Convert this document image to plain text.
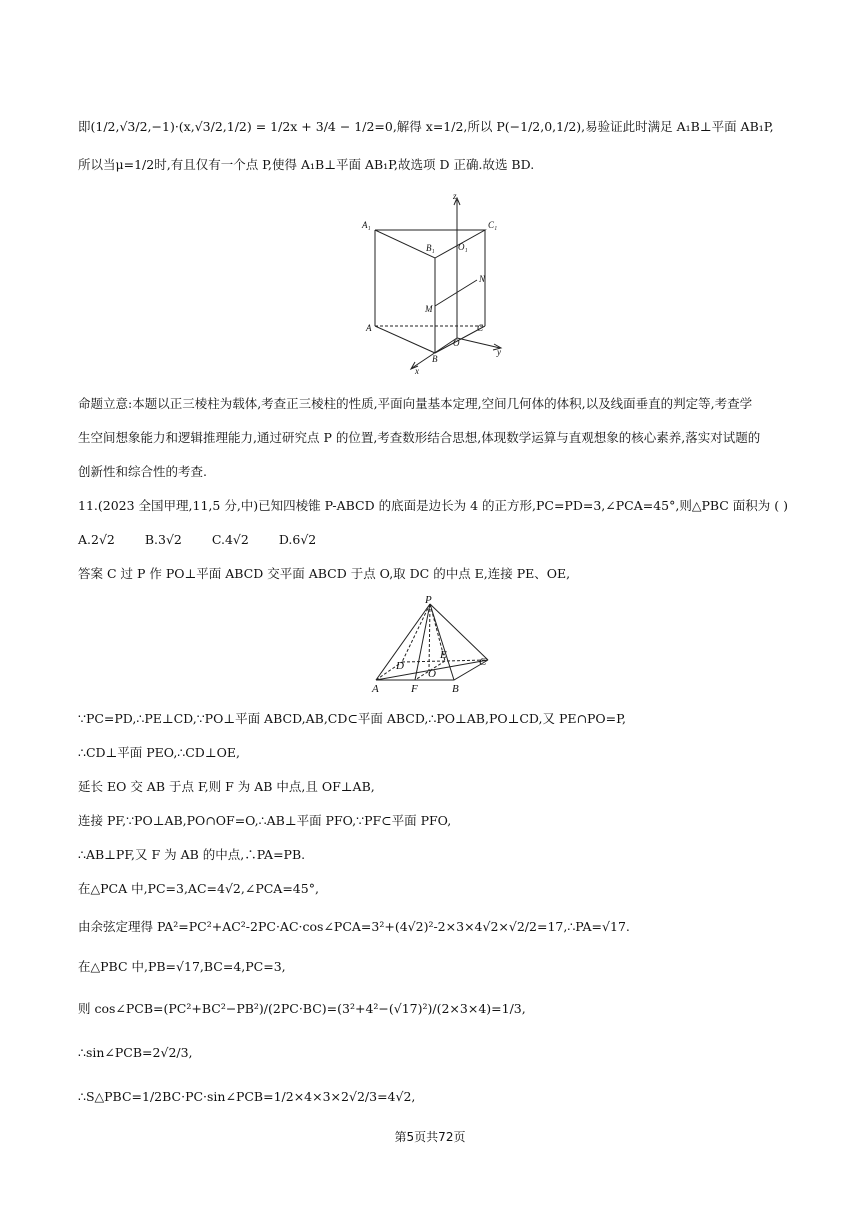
即(1/2,√3/2,−1)·(x,√3/2,1/2) = 1/2x + 3/4 − 1/2=0,解得 x=1/2,所以 P(−1/2,0,1/2),易验证此时满足 A₁B⊥平面 AB₁P,
所以当μ=1/2时,有且仅有一个点 P,使得 A₁B⊥平面 AB₁P,故选项 D 正确.故选 BD.
A₁
B₁
C₁
O₁
z
N
M
A	C
O
B
y
x
命题立意:本题以正三棱柱为载体,考查正三棱柱的性质,平面向量基本定理,空间几何体的体积,以及线面垂直的判定等,考查学
生空间想象能力和逻辑推理能力,通过研究点 P 的位置,考查数形结合思想,体现数学运算与直观想象的核心素养,落实对试题的
创新性和综合性的考查.
11.(2023 全国甲理,11,5 分,中)已知四棱锥 P-ABCD 的底面是边长为 4 的正方形,PC=PD=3,∠PCA=45°,则△PBC 面积为 ( )
A.2√2 B.3√2 C.4√2 D.6√2
答案 C 过 P 作 PO⊥平面 ABCD 交平面 ABCD 于点 O,取 DC 的中点 E,连接 PE、OE,
P
D
E
O
C
A	F	B
∵PC=PD,∴PE⊥CD,∵PO⊥平面 ABCD,AB,CD⊂平面 ABCD,∴PO⊥AB,PO⊥CD,又 PE∩PO=P,
∴CD⊥平面 PEO,∴CD⊥OE,
延长 EO 交 AB 于点 F,则 F 为 AB 中点,且 OF⊥AB,
连接 PF,∵PO⊥AB,PO∩OF=O,∴AB⊥平面 PFO,∵PF⊂平面 PFO,
∴AB⊥PF,又 F 为 AB 的中点,∴PA=PB.
在△PCA 中,PC=3,AC=4√2,∠PCA=45°,
由余弦定理得 PA²=PC²+AC²-2PC·AC·cos∠PCA=3²+(4√2)²-2×3×4√2×√2/2=17,∴PA=√17.
在△PBC 中,PB=√17,BC=4,PC=3,
则 cos∠PCB=(PC²+BC²−PB²)/(2PC·BC)=(3²+4²−(√17)²)/(2×3×4)=1/3,
∴sin∠PCB=2√2/3,
∴S△PBC=1/2BC·PC·sin∠PCB=1/2×4×3×2√2/3=4√2,
第5页共72页
